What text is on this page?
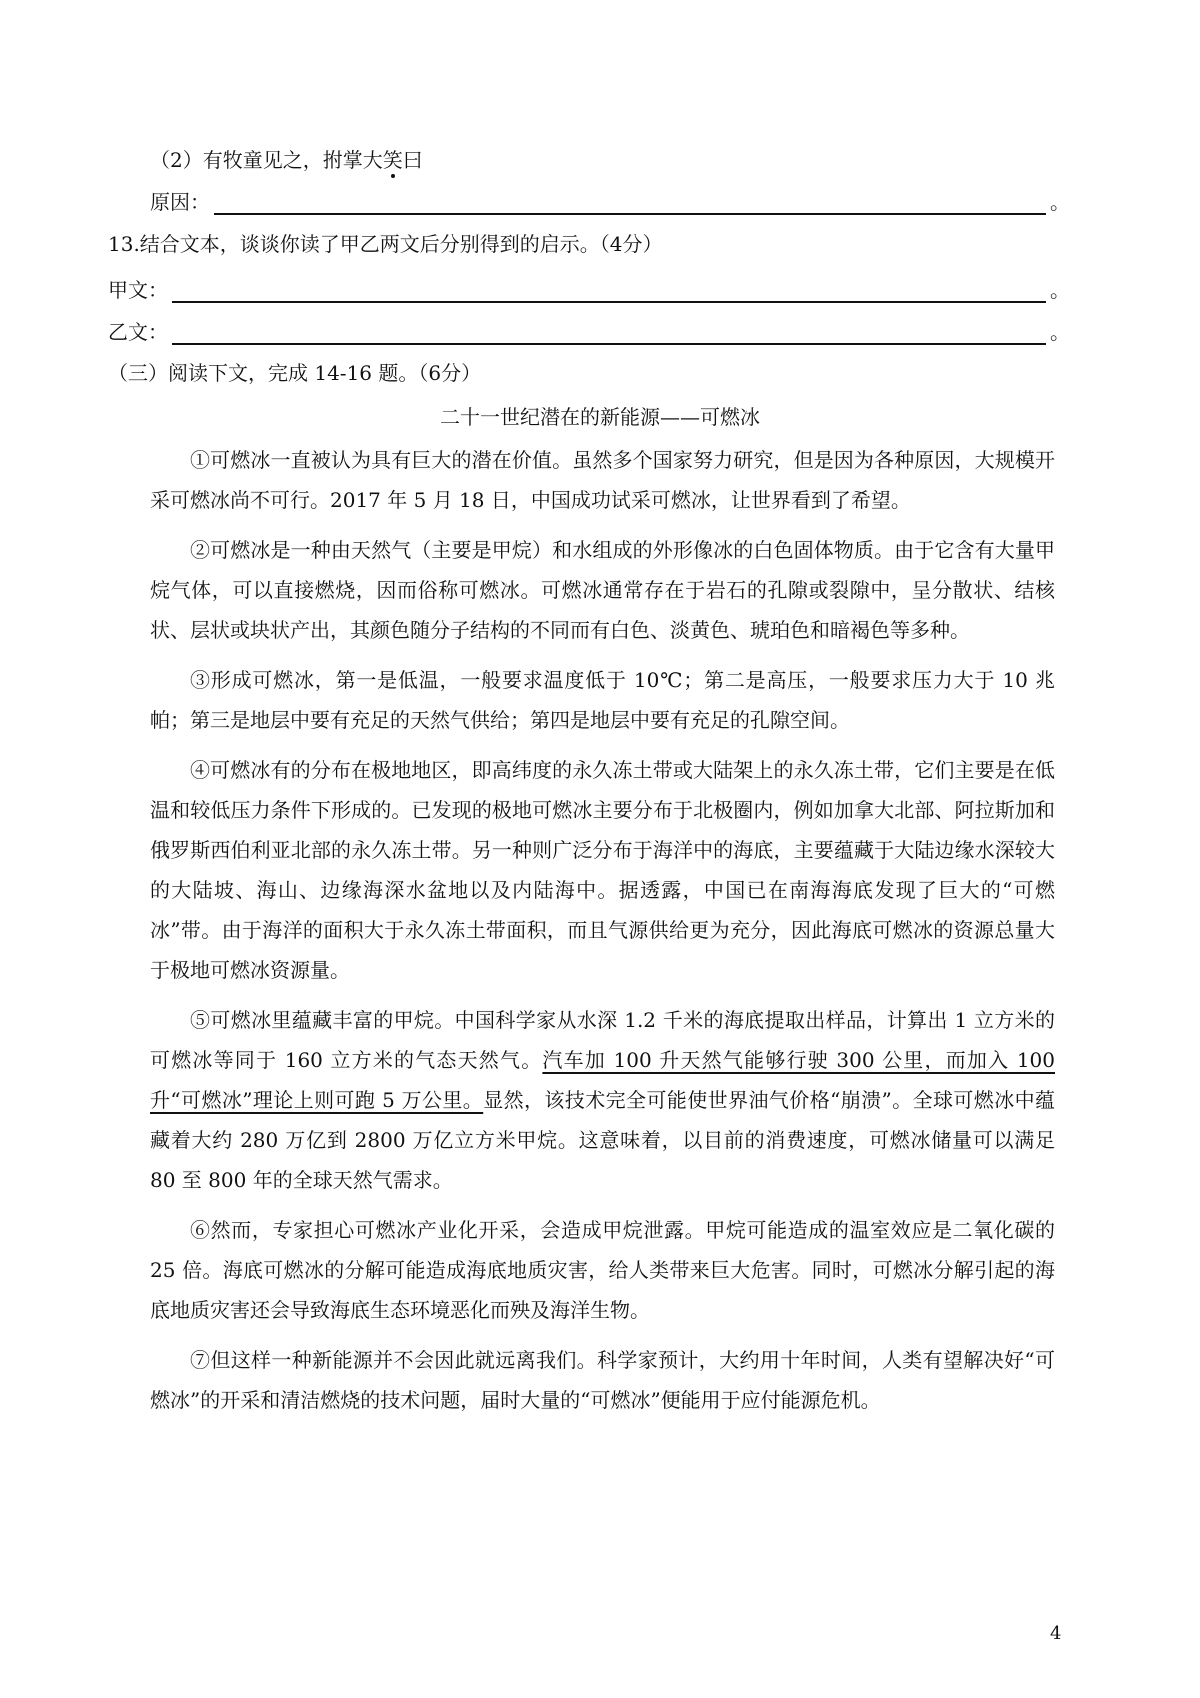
（2）有牧童见之，拊掌大笑曰
原因：	。
13.结合文本，谈谈你读了甲乙两文后分别得到的启示。（4分）
甲文：	。
乙文：	。
（三）阅读下文，完成 14-16 题。（6分）
二十一世纪潜在的新能源——可燃冰

①可燃冰一直被认为具有巨大的潜在价值。虽然多个国家努力研究，但是因为各种原因，大规模开采可燃冰尚不可行。2017 年 5 月 18 日，中国成功试采可燃冰，让世界看到了希望。

②可燃冰是一种由天然气（主要是甲烷）和水组成的外形像冰的白色固体物质。由于它含有大量甲烷气体，可以直接燃烧，因而俗称可燃冰。可燃冰通常存在于岩石的孔隙或裂隙中，呈分散状、结核状、层状或块状产出，其颜色随分子结构的不同而有白色、淡黄色、琥珀色和暗褐色等多种。

③形成可燃冰，第一是低温，一般要求温度低于 10℃；第二是高压，一般要求压力大于 10 兆帕；第三是地层中要有充足的天然气供给；第四是地层中要有充足的孔隙空间。

④可燃冰有的分布在极地地区，即高纬度的永久冻土带或大陆架上的永久冻土带，它们主要是在低温和较低压力条件下形成的。已发现的极地可燃冰主要分布于北极圈内，例如加拿大北部、阿拉斯加和俄罗斯西伯利亚北部的永久冻土带。另一种则广泛分布于海洋中的海底，主要蕴藏于大陆边缘水深较大的大陆坡、海山、边缘海深水盆地以及内陆海中。据透露，中国已在南海海底发现了巨大的“可燃冰”带。由于海洋的面积大于永久冻土带面积，而且气源供给更为充分，因此海底可燃冰的资源总量大于极地可燃冰资源量。

⑤可燃冰里蕴藏丰富的甲烷。中国科学家从水深 1.2 千米的海底提取出样品，计算出 1 立方米的可燃冰等同于 160 立方米的气态天然气。汽车加 100 升天然气能够行驶 300 公里，而加入 100 升“可燃冰”理论上则可跑 5 万公里。显然，该技术完全可能使世界油气价格“崩溃”。全球可燃冰中蕴藏着大约 280 万亿到 2800 万亿立方米甲烷。这意味着，以目前的消费速度，可燃冰储量可以满足 80 至 800 年的全球天然气需求。

⑥然而，专家担心可燃冰产业化开采，会造成甲烷泄露。甲烷可能造成的温室效应是二氧化碳的 25 倍。海底可燃冰的分解可能造成海底地质灾害，给人类带来巨大危害。同时，可燃冰分解引起的海底地质灾害还会导致海底生态环境恶化而殃及海洋生物。

⑦但这样一种新能源并不会因此就远离我们。科学家预计，大约用十年时间，人类有望解决好“可燃冰”的开采和清洁燃烧的技术问题，届时大量的“可燃冰”便能用于应付能源危机。

4
